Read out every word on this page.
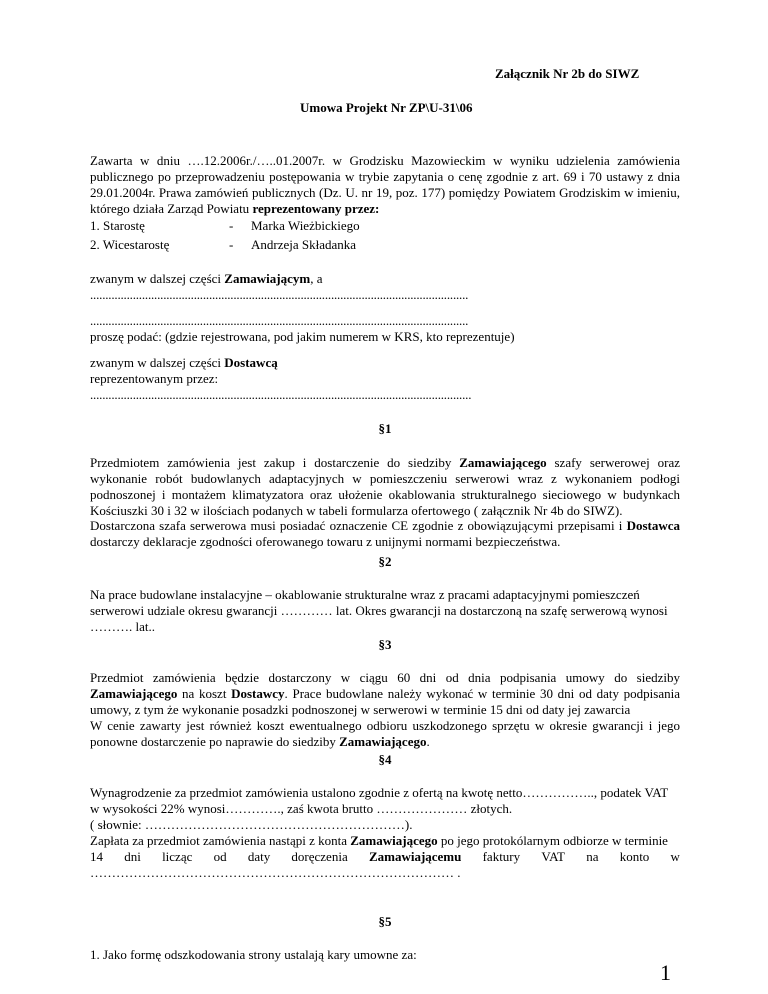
Załącznik Nr 2b do SIWZ
Umowa Projekt Nr ZP\U-31\06
Zawarta w dniu ….12.2006r./…..01.2007r. w Grodzisku Mazowieckim w wyniku udzielenia zamówienia publicznego po przeprowadzeniu postępowania w trybie zapytania o cenę zgodnie z art. 69 i 70 ustawy z dnia 29.01.2004r. Prawa zamówień publicznych (Dz. U. nr 19, poz. 177) pomiędzy Powiatem Grodziskim w imieniu, którego działa Zarząd Powiatu reprezentowany przez:
1. Starostę	- Marka Wieżbickiego
2. Wicestarostę	- Andrzeja Składanka
zwanym w dalszej części Zamawiającym, a
............................................................................................................................
............................................................................................................................
proszę podać: (gdzie rejestrowana, pod jakim numerem w KRS, kto reprezentuje)
zwanym w dalszej części Dostawcą
reprezentowanym przez:
.............................................................................................................................
§1
Przedmiotem zamówienia jest zakup i dostarczenie do siedziby Zamawiającego szafy serwerowej oraz wykonanie robót budowlanych adaptacyjnych w pomieszczeniu serwerowi wraz z wykonaniem podłogi podnoszonej i montażem klimatyzatora oraz ułożenie okablowania strukturalnego sieciowego w budynkach Kościuszki 30 i 32 w ilościach podanych w tabeli formularza ofertowego ( załącznik Nr 4b do SIWZ).
Dostarczona szafa serwerowa musi posiadać oznaczenie CE zgodnie z obowiązującymi przepisami i Dostawca dostarczy deklaracje zgodności oferowanego towaru z unijnymi normami bezpieczeństwa.
§2
Na prace budowlane instalacyjne – okablowanie strukturalne wraz z pracami adaptacyjnymi pomieszczeń serwerowi udziale okresu gwarancji ………… lat. Okres gwarancji na dostarczoną na szafę serwerową wynosi ………. lat..
§3
Przedmiot zamówienia będzie dostarczony w ciągu 60 dni od dnia podpisania umowy do siedziby Zamawiającego na koszt Dostawcy. Prace budowlane należy wykonać w terminie 30 dni od daty podpisania umowy, z tym że wykonanie posadzki podnoszonej w serwerowi w terminie 15 dni od daty jej zawarcia
W cenie zawarty jest również koszt ewentualnego odbioru uszkodzonego sprzętu w okresie gwarancji i jego ponowne dostarczenie po naprawie do siedziby Zamawiającego.
§4
Wynagrodzenie za przedmiot zamówienia ustalono zgodnie z ofertą na kwotę netto…………….., podatek VAT
w wysokości 22% wynosi…………., zaś kwota brutto ………………… złotych.
( słownie: ……………………………………………………).
Zapłata za przedmiot zamówienia nastąpi z konta Zamawiającego po jego protokólarnym odbiorze w terminie
14 dni licząc od daty doręczenia Zamawiającemu faktury VAT na konto w
………………………………………………………………………… .
§5
1. Jako formę odszkodowania strony ustalają kary umowne za:
1
